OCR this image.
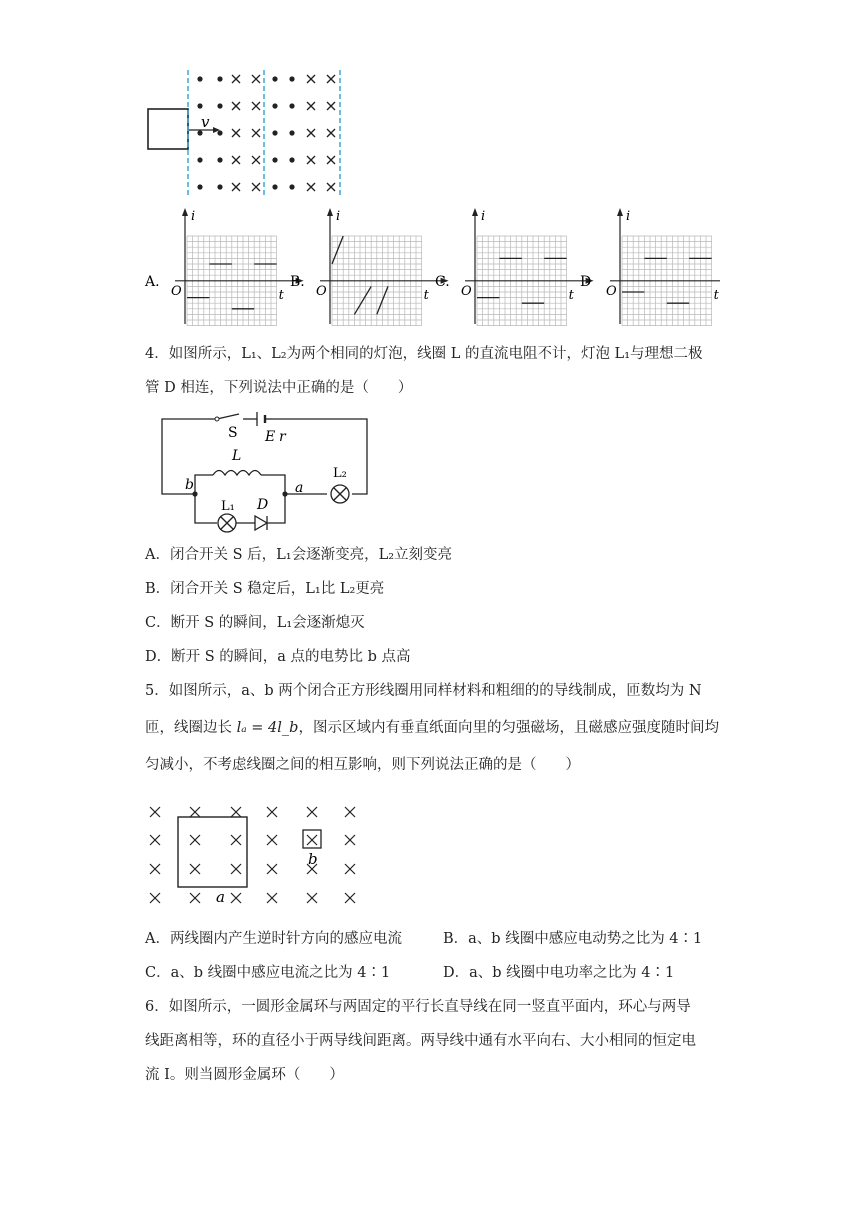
v
A.
O
i
t
B.
O
i
t
C.
O
i
t
D
O
i
t
4．如图所示，L₁、L₂为两个相同的灯泡，线圈 L 的直流电阻不计，灯泡 L₁与理想二极
管 D 相连，下列说法中正确的是（　　）
S E r
L
b	a
L₁ D
L₂
A．闭合开关 S 后，L₁会逐渐变亮，L₂立刻变亮
B．闭合开关 S 稳定后，L₁比 L₂更亮
C．断开 S 的瞬间，L₁会逐渐熄灭
D．断开 S 的瞬间，a 点的电势比 b 点高
5．如图所示，a、b 两个闭合正方形线圈用同样材料和粗细的的导线制成，匝数均为 N
匝，线圈边长 lₐ = 4l_b，图示区域内有垂直纸面向里的匀强磁场，且磁感应强度随时间均
匀减小，不考虑线圈之间的相互影响，则下列说法正确的是（　　）
a
b
A．两线圈内产生逆时针方向的感应电流	B．a、b 线圈中感应电动势之比为 4∶1
C．a、b 线圈中感应电流之比为 4∶1	D．a、b 线圈中电功率之比为 4∶1
6．如图所示，一圆形金属环与两固定的平行长直导线在同一竖直平面内，环心与两导
线距离相等，环的直径小于两导线间距离。两导线中通有水平向右、大小相同的恒定电
流 I。则当圆形金属环（　　）
